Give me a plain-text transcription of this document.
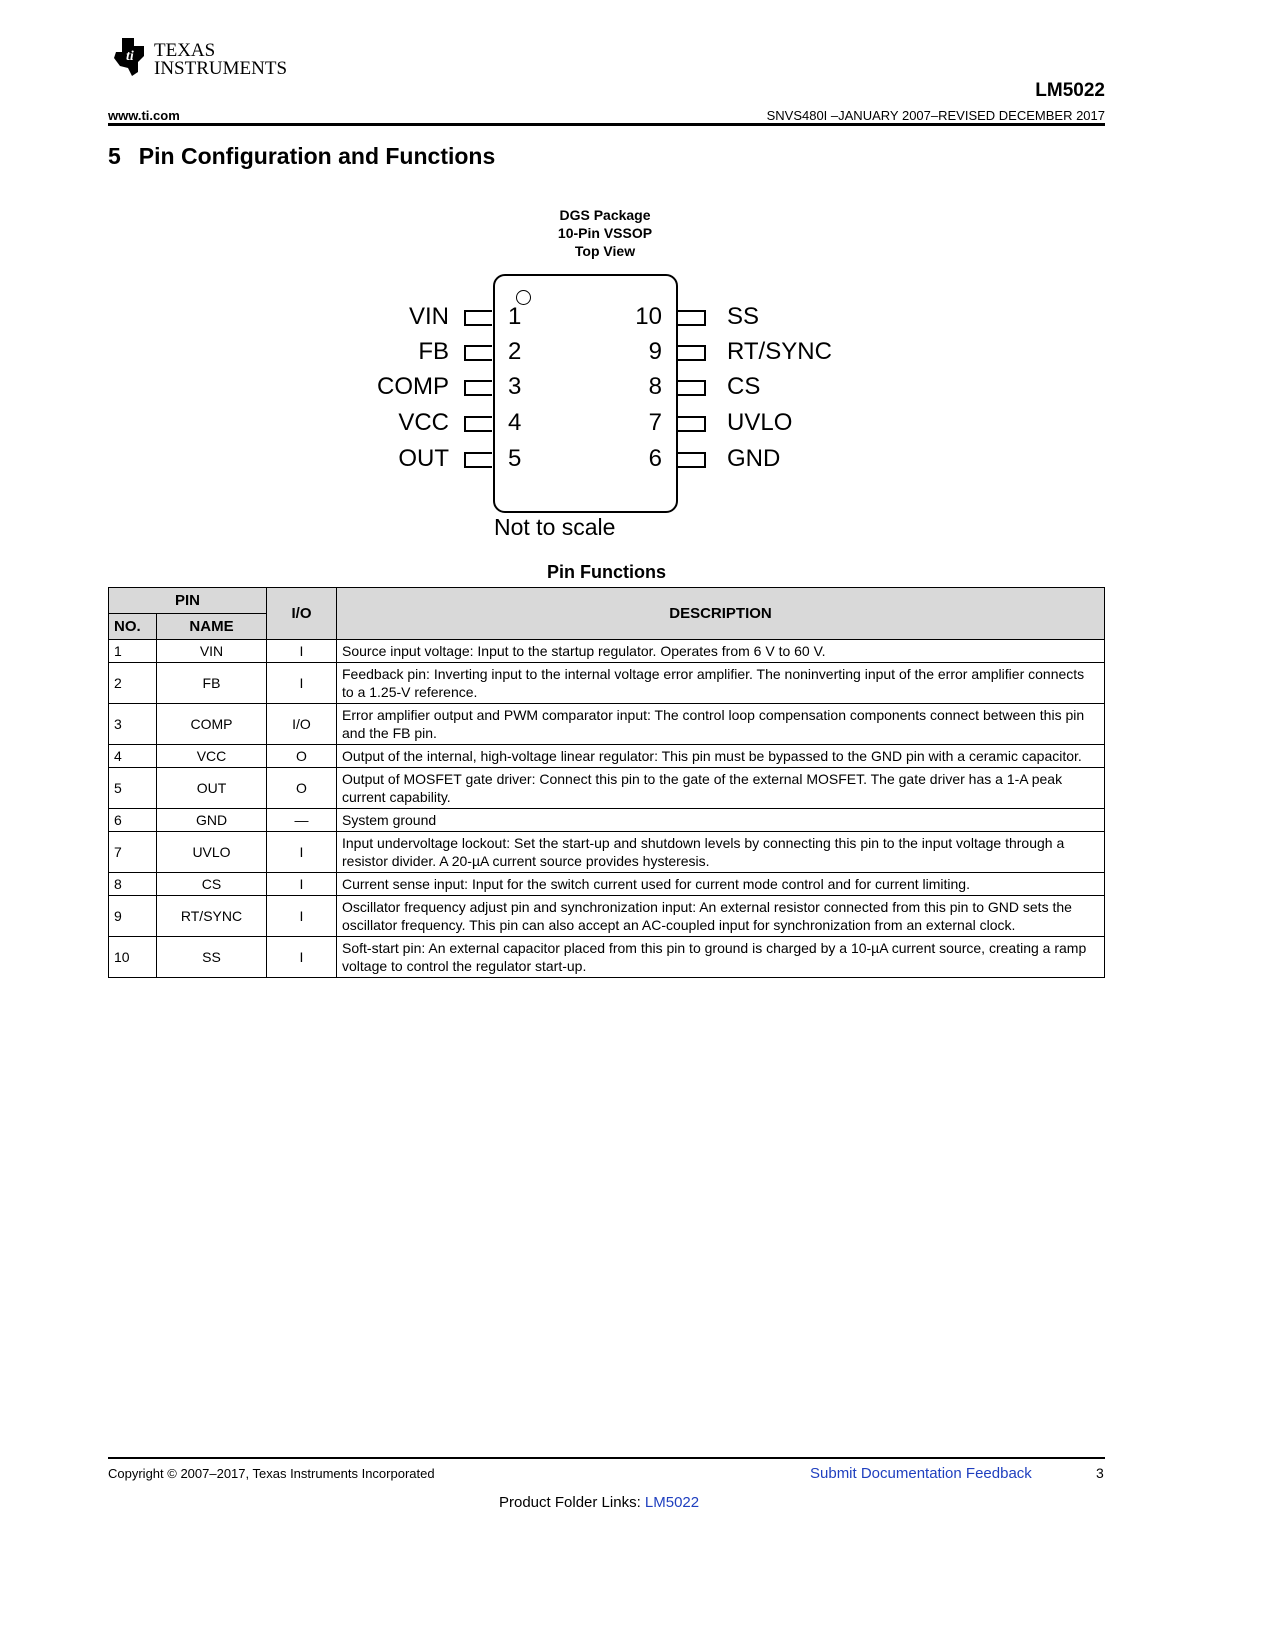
ti TEXAS
INSTRUMENTS
LM5022
www.ti.com	SNVS480I –JANUARY 2007–REVISED DECEMBER 2017
5 Pin Configuration and Functions
DGS Package
10-Pin VSSOP
Top View
VIN 1
FB 2
COMP 3
VCC 4
OUT 5
SS
10
RT/SYNC
9
CS
8
UVLO
7
GND
6
Not to scale
Pin Functions
PIN		I/O	DESCRIPTION
NO.	NAME		
1	VIN	I	Source input voltage: Input to the startup regulator. Operates from 6 V to 60 V.
2	FB	I	Feedback pin: Inverting input to the internal voltage error amplifier. The noninverting input of the error amplifier connects to a 1.25-V reference.
3	COMP	I/O	Error amplifier output and PWM comparator input: The control loop compensation components connect between this pin and the FB pin.
4	VCC	O	Output of the internal, high-voltage linear regulator: This pin must be bypassed to the GND pin with a ceramic capacitor.
5	OUT	O	Output of MOSFET gate driver: Connect this pin to the gate of the external MOSFET. The gate driver has a 1-A peak current capability.
6	GND	—	System ground
7	UVLO	I	Input undervoltage lockout: Set the start-up and shutdown levels by connecting this pin to the input voltage through a resistor divider. A 20-µA current source provides hysteresis.
8	CS	I	Current sense input: Input for the switch current used for current mode control and for current limiting.
9	RT/SYNC	I	Oscillator frequency adjust pin and synchronization input: An external resistor connected from this pin to GND sets the oscillator frequency. This pin can also accept an AC-coupled input for synchronization from an external clock.
10	SS	I	Soft-start pin: An external capacitor placed from this pin to ground is charged by a 10-µA current source, creating a ramp voltage to control the regulator start-up.
Copyright © 2007–2017, Texas Instruments Incorporated	Submit Documentation Feedback	3
Product Folder Links: LM5022
